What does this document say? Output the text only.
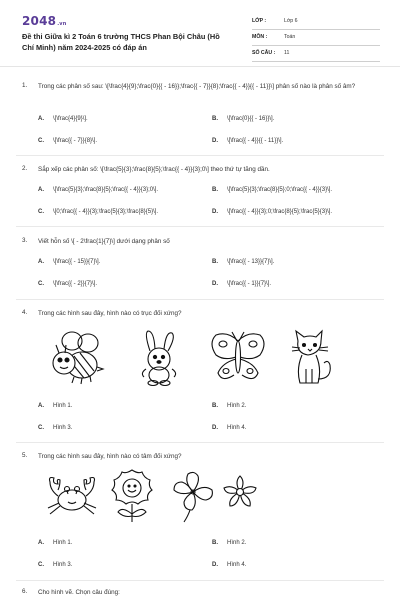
2048.vn
Đề thi Giữa kì 2 Toán 6 trường THCS Phan Bội Châu (Hồ Chí Minh) năm 2024-2025 có đáp án
LỚP :	Lớp 6
MÔN :	Toán
SỐ CÂU : 11
1. Trong các phân số sau: \[\frac{4}{9};\frac{0}{{ - 16}};\frac{{ - 7}}{8};\frac{{ - 4}}{{ - 11}}\] phân số nào là phân số âm?
A. \[\frac{4}{9}\].	B. \[\frac{0}{{ - 16}}\].
C. \[\frac{{ - 7}}{8}\].	D. \[\frac{{ - 4}}{{ - 11}}\].
2. Sắp xếp các phân số: \[\frac{5}{3};\frac{8}{5};\frac{{ - 4}}{3};0\] theo thứ tự tăng dần.
A. \[\frac{5}{3};\frac{8}{5};\frac{{ - 4}}{3};0\].	B. \[\frac{5}{3};\frac{8}{5};0;\frac{{ - 4}}{3}\].
C. \[0;\frac{{ - 4}}{3};\frac{5}{3};\frac{8}{5}\].	D. \[\frac{{ - 4}}{3};0;\frac{8}{5};\frac{5}{3}\].
3. Viết hỗn số \[ - 2\frac{1}{7}\] dưới dạng phân số
A. \[\frac{{ - 15}}{7}\].	B. \[\frac{{ - 13}}{7}\].
C. \[\frac{{ - 2}}{7}\].	D. \[\frac{{ - 1}}{7}\].
4. Trong các hình sau đây, hình nào có trục đối xứng?
A. Hình 1.	B. Hình 2.
C. Hình 3.	D. Hình 4.
5. Trong các hình sau đây, hình nào có tâm đối xứng?
A. Hình 1.	B. Hình 2.
C. Hình 3.	D. Hình 4.
6. Cho hình vẽ. Chọn câu đúng:
